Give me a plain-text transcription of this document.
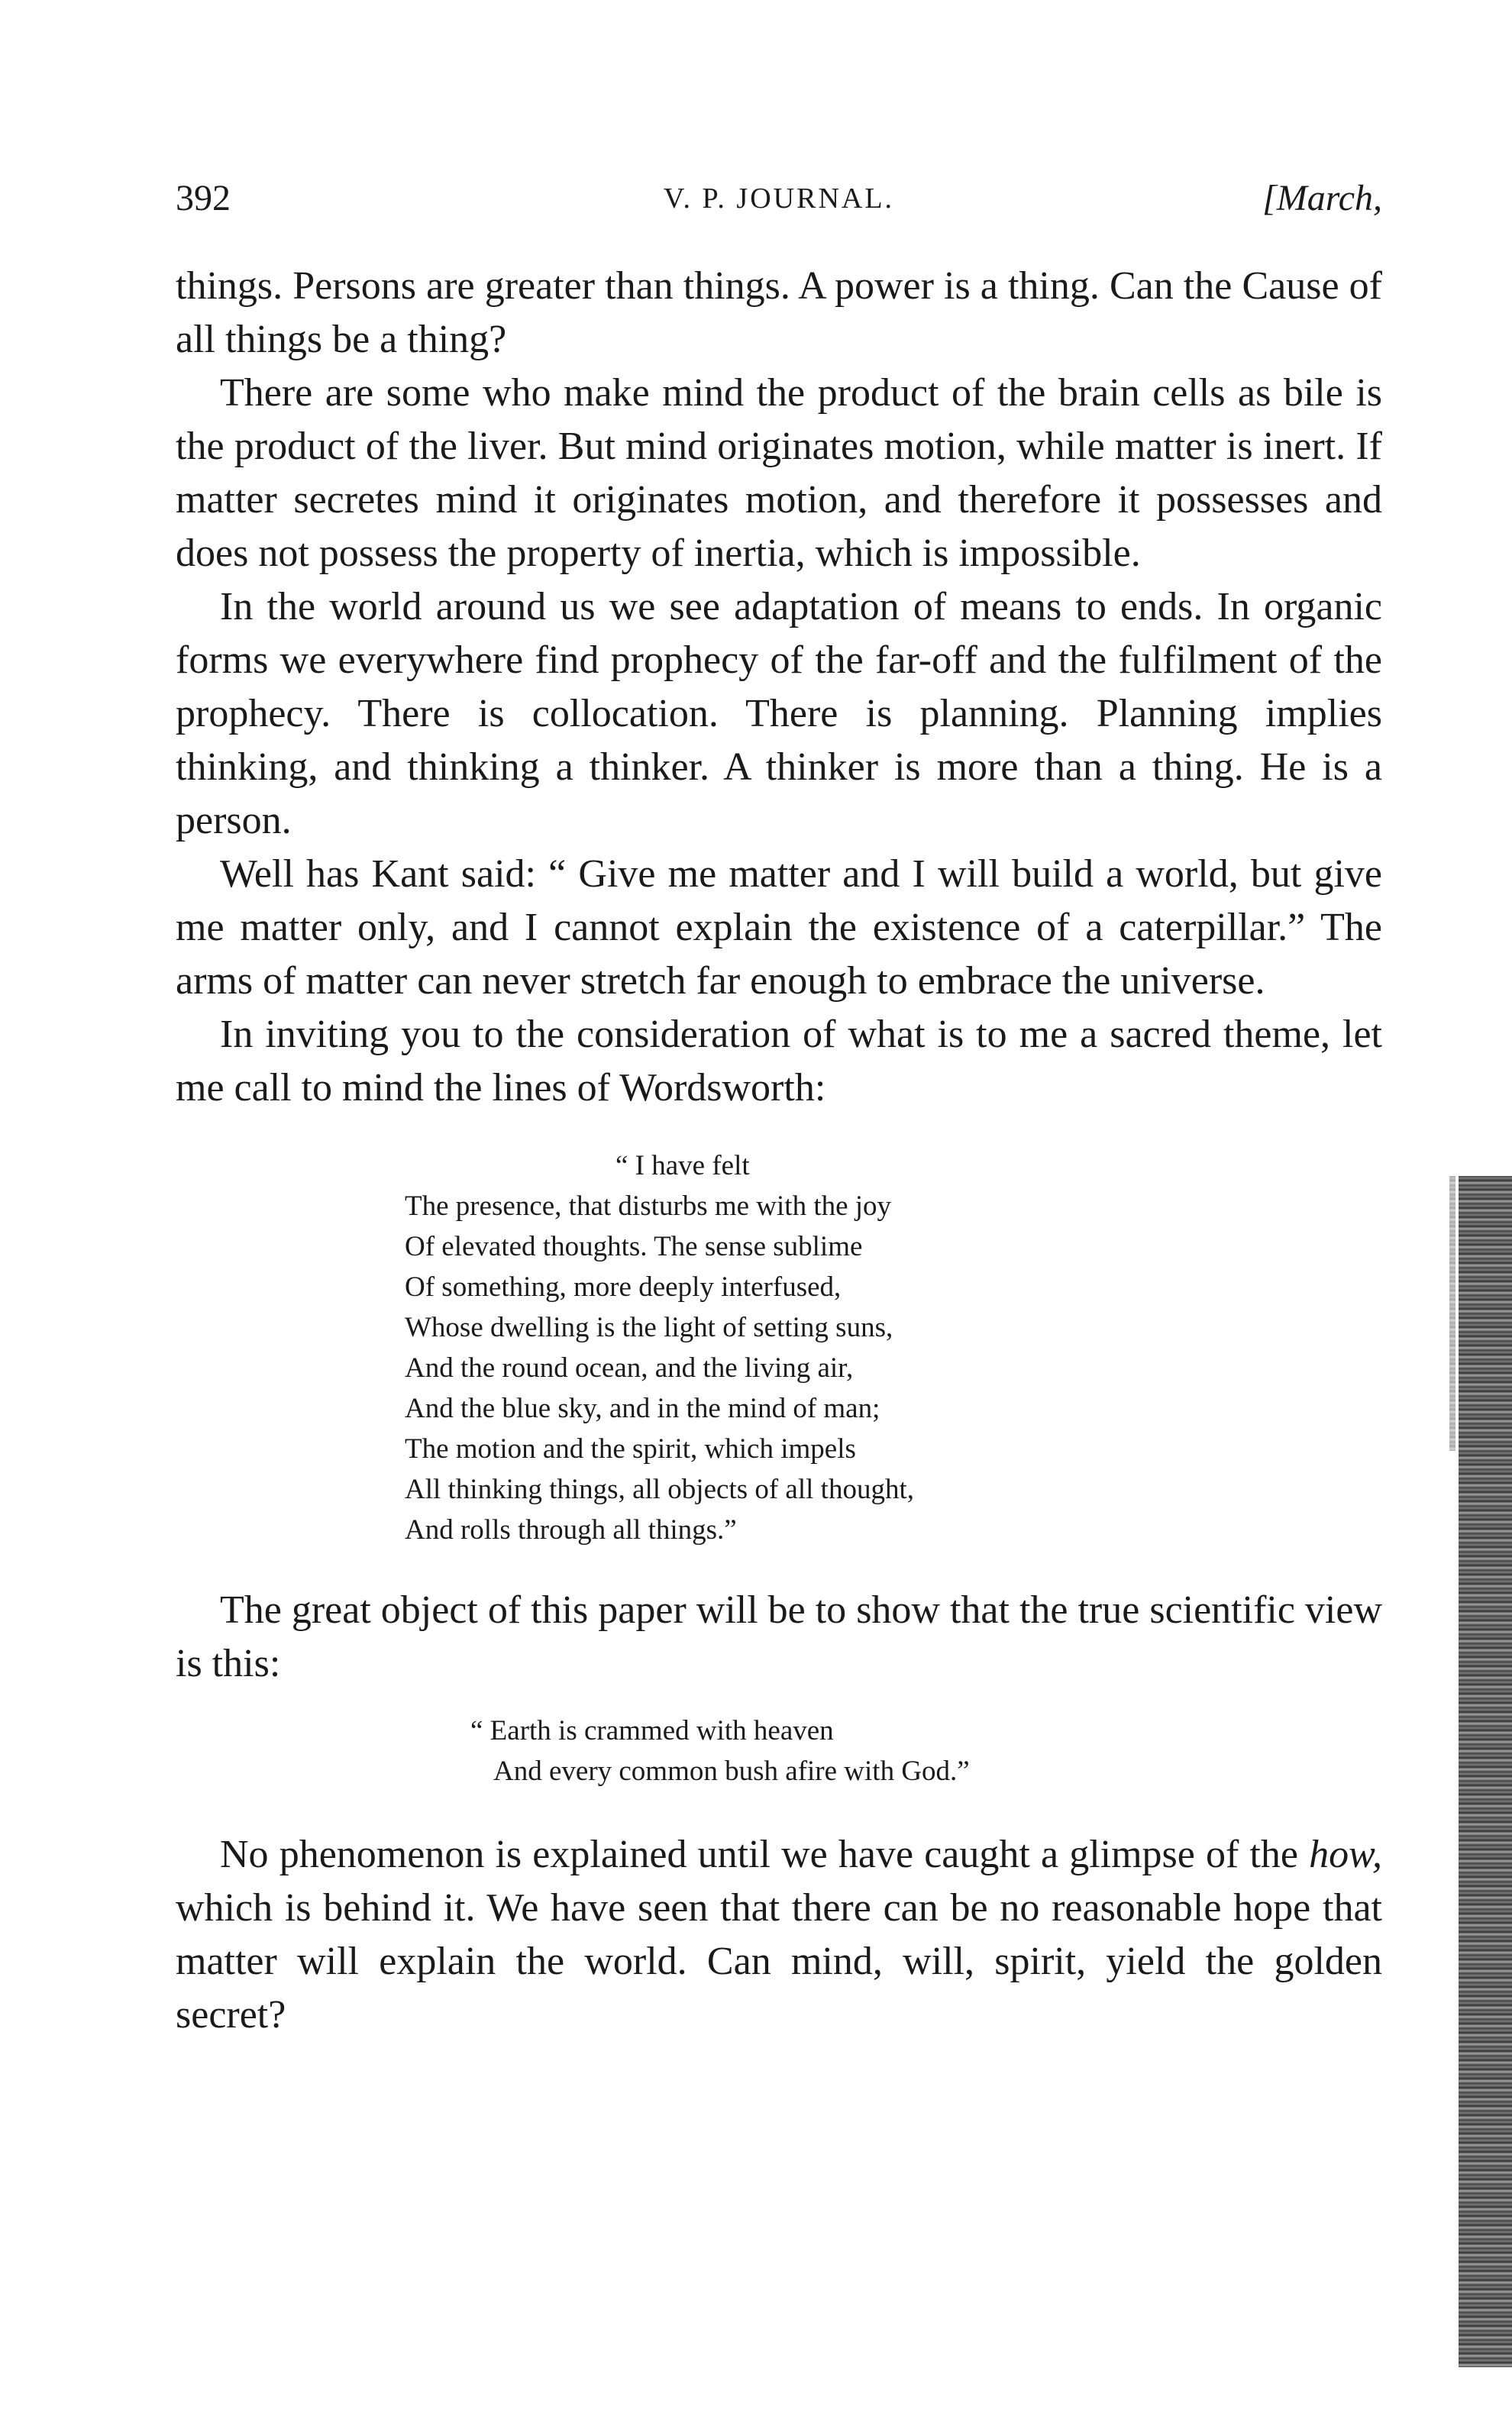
392	V. P. JOURNAL.	[March,

things. Persons are greater than things. A power is a thing. Can the Cause of all things be a thing?

There are some who make mind the product of the brain cells as bile is the product of the liver. But mind originates motion, while matter is inert. If matter secretes mind it originates motion, and therefore it possesses and does not possess the property of inertia, which is impossible.

In the world around us we see adaptation of means to ends. In organic forms we everywhere find prophecy of the far-off and the fulfilment of the prophecy. There is collocation. There is planning. Planning implies thinking, and thinking a thinker. A thinker is more than a thing. He is a person.

Well has Kant said: “ Give me matter and I will build a world, but give me matter only, and I cannot explain the existence of a caterpillar.” The arms of matter can never stretch far enough to embrace the universe.

In inviting you to the consideration of what is to me a sacred theme, let me call to mind the lines of Wordsworth:

“ I have felt
The presence, that disturbs me with the joy
Of elevated thoughts. The sense sublime
Of something, more deeply interfused,
Whose dwelling is the light of setting suns,
And the round ocean, and the living air,
And the blue sky, and in the mind of man;
The motion and the spirit, which impels
All thinking things, all objects of all thought,
And rolls through all things.”

The great object of this paper will be to show that the true scientific view is this:

“ Earth is crammed with heaven
And every common bush afire with God.”

No phenomenon is explained until we have caught a glimpse of the how, which is behind it. We have seen that there can be no reasonable hope that matter will explain the world. Can mind, will, spirit, yield the golden secret?
